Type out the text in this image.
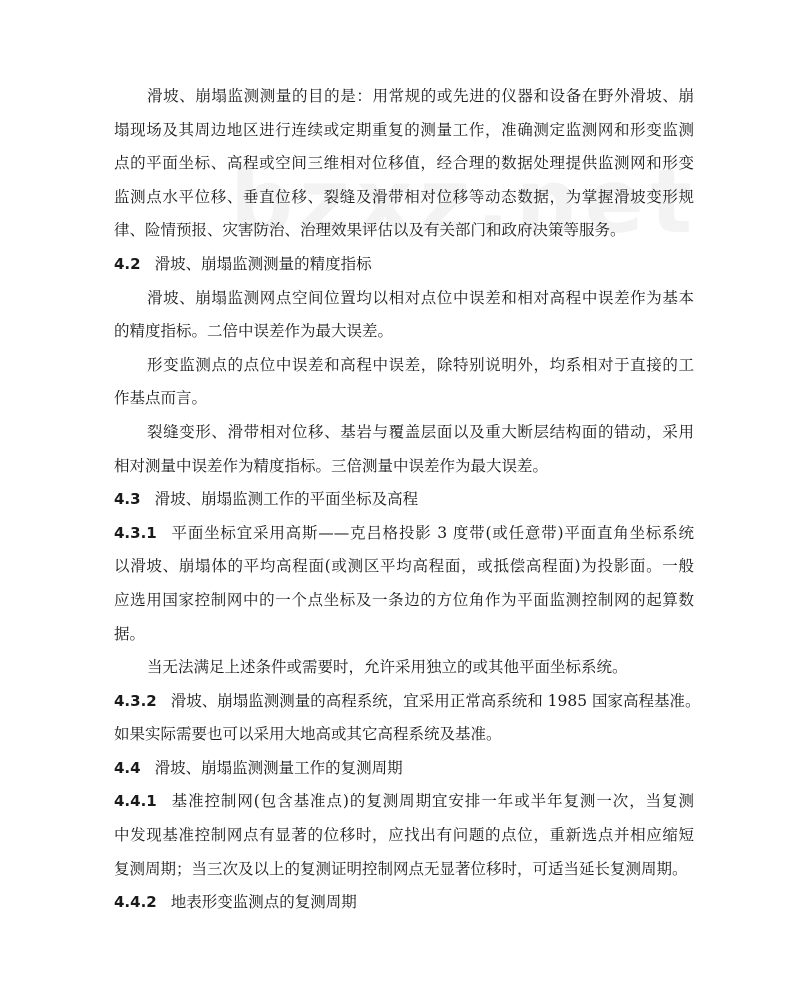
滑坡、崩塌监测测量的目的是：用常规的或先进的仪器和设备在野外滑坡、崩
塌现场及其周边地区进行连续或定期重复的测量工作，准确测定监测网和形变监测
点的平面坐标、高程或空间三维相对位移值，经合理的数据处理提供监测网和形变
监测点水平位移、垂直位移、裂缝及滑带相对位移等动态数据，为掌握滑坡变形规
律、险情预报、灾害防治、治理效果评估以及有关部门和政府决策等服务。
4.2 滑坡、崩塌监测测量的精度指标
滑坡、崩塌监测网点空间位置均以相对点位中误差和相对高程中误差作为基本
的精度指标。二倍中误差作为最大误差。
形变监测点的点位中误差和高程中误差，除特别说明外，均系相对于直接的工
作基点而言。
裂缝变形、滑带相对位移、基岩与覆盖层面以及重大断层结构面的错动，采用
相对测量中误差作为精度指标。三倍测量中误差作为最大误差。
4.3 滑坡、崩塌监测工作的平面坐标及高程
4.3.1 平面坐标宜采用高斯——克吕格投影 3 度带(或任意带)平面直角坐标系统
以滑坡、崩塌体的平均高程面(或测区平均高程面，或抵偿高程面)为投影面。一般
应选用国家控制网中的一个点坐标及一条边的方位角作为平面监测控制网的起算数
据。
当无法满足上述条件或需要时，允许采用独立的或其他平面坐标系统。
4.3.2 滑坡、崩塌监测测量的高程系统，宜采用正常高系统和 1985 国家高程基准。
如果实际需要也可以采用大地高或其它高程系统及基准。
4.4 滑坡、崩塌监测测量工作的复测周期
4.4.1 基准控制网(包含基准点)的复测周期宜安排一年或半年复测一次，当复测
中发现基准控制网点有显著的位移时，应找出有问题的点位，重新选点并相应缩短
复测周期；当三次及以上的复测证明控制网点无显著位移时，可适当延长复测周期。
4.4.2 地表形变监测点的复测周期
